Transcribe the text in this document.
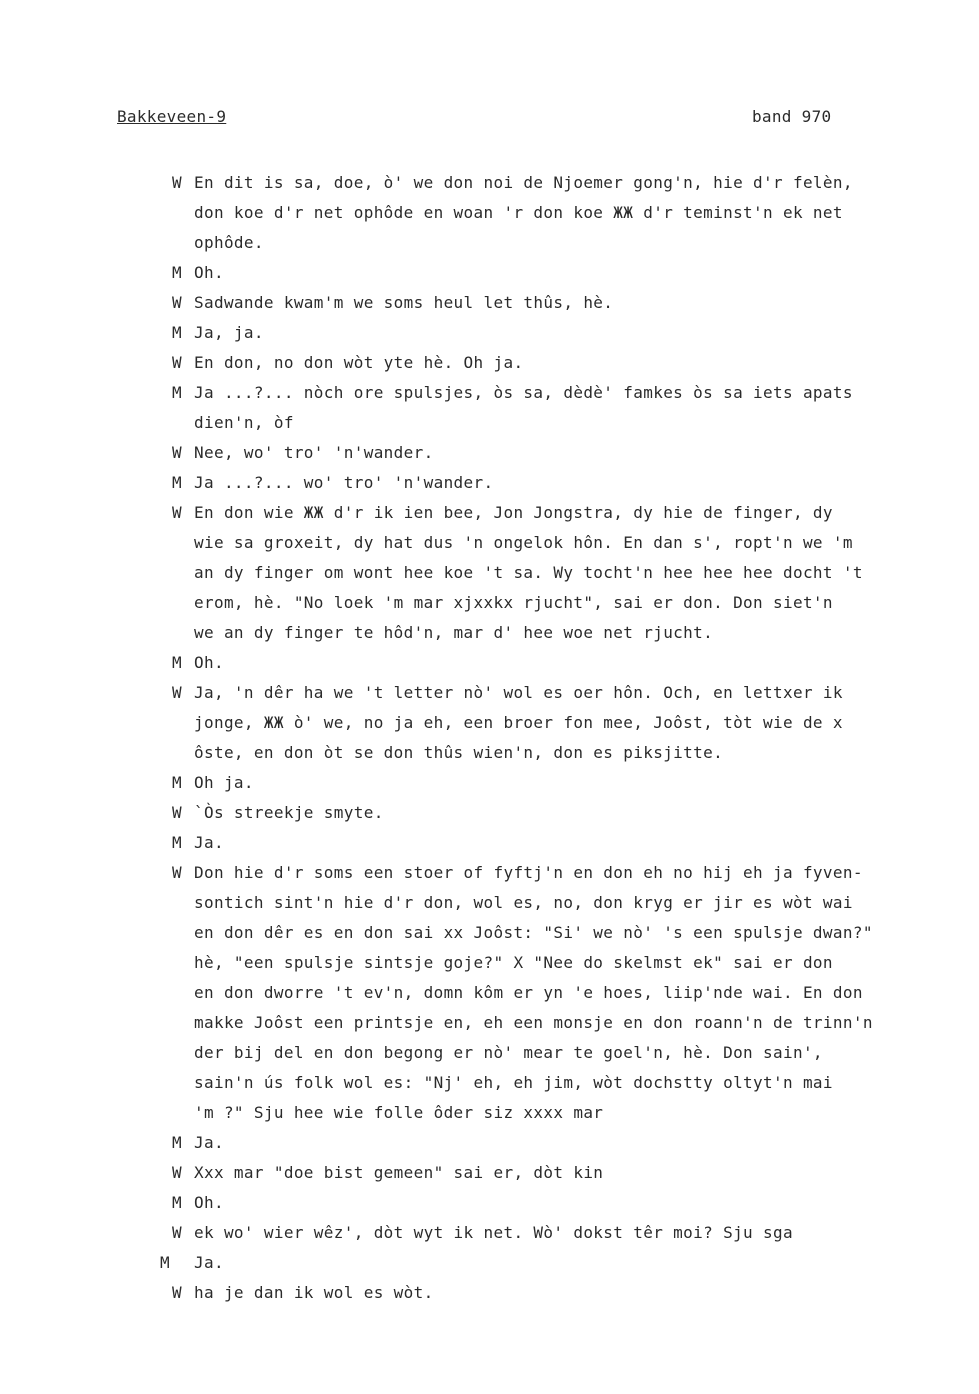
Bakkeveen-9	band 970
W En dit is sa, doe, ò' we don noi de Njoemer gong'n, hie d'r felèn,
don koe d'r net ophôde en woan 'r don koe ЖЖ d'r teminst'n ek net
ophôde.
M Oh.
W Sadwande kwam'm we soms heul let thûs, hè.
M Ja, ja.
W En don, no don wòt yte hè. Oh ja.
M Ja ...?... nòch ore spulsjes, òs sa, dèdè' famkes òs sa iets apats
dien'n, òf
W Nee, wo' tro' 'n'wander.
M Ja ...?... wo' tro' 'n'wander.
W En don wie ЖЖ d'r ik ien bee, Jon Jongstra, dy hie de finger, dy
wie sa groxeit, dy hat dus 'n ongelok hôn. En dan s', ropt'n we 'm
an dy finger om wont hee koe 't sa. Wy tocht'n hee hee hee docht 't
erom, hè. "No loek 'm mar xjxxkx rjucht", sai er don. Don siet'n
we an dy finger te hôd'n, mar d' hee woe net rjucht.
M Oh.
W Ja, 'n dêr ha we 't letter nò' wol es oer hôn. Och, en lettxer ik
jonge, ЖЖ ò' we, no ja eh, een broer fon mee, Joôst, tòt wie de x
ôste, en don òt se don thûs wien'n, don es piksjitte.
M Oh ja.
W `Òs streekje smyte.
M Ja.
W Don hie d'r soms een stoer of fyftj'n en don eh no hij eh ja fyven-
sontich sint'n hie d'r don, wol es, no, don kryg er jir es wòt wai
en don dêr es en don sai xx Joôst: "Si' we nò' 's een spulsje dwan?"
hè, "een spulsje sintsje goje?" X "Nee do skelmst ek" sai er don
en don dworre 't ev'n, domn kôm er yn 'e hoes, liip'nde wai. En don
makke Joôst een printsje en, eh een monsje en don roann'n de trinn'n
der bij del en don begong er nò' mear te goel'n, hè. Don sain',
sain'n ús folk wol es: "Nj' eh, eh jim, wòt dochstty oltyt'n mai
'm ?" Sju hee wie folle ôder siz xxxx mar
M Ja.
W Xxx mar "doe bist gemeen" sai er, dòt kin
M Oh.
W ek wo' wier wêz', dòt wyt ik net. Wò' dokst têr moi? Sju sga
M	Ja.
W ha je dan ik wol es wòt.
